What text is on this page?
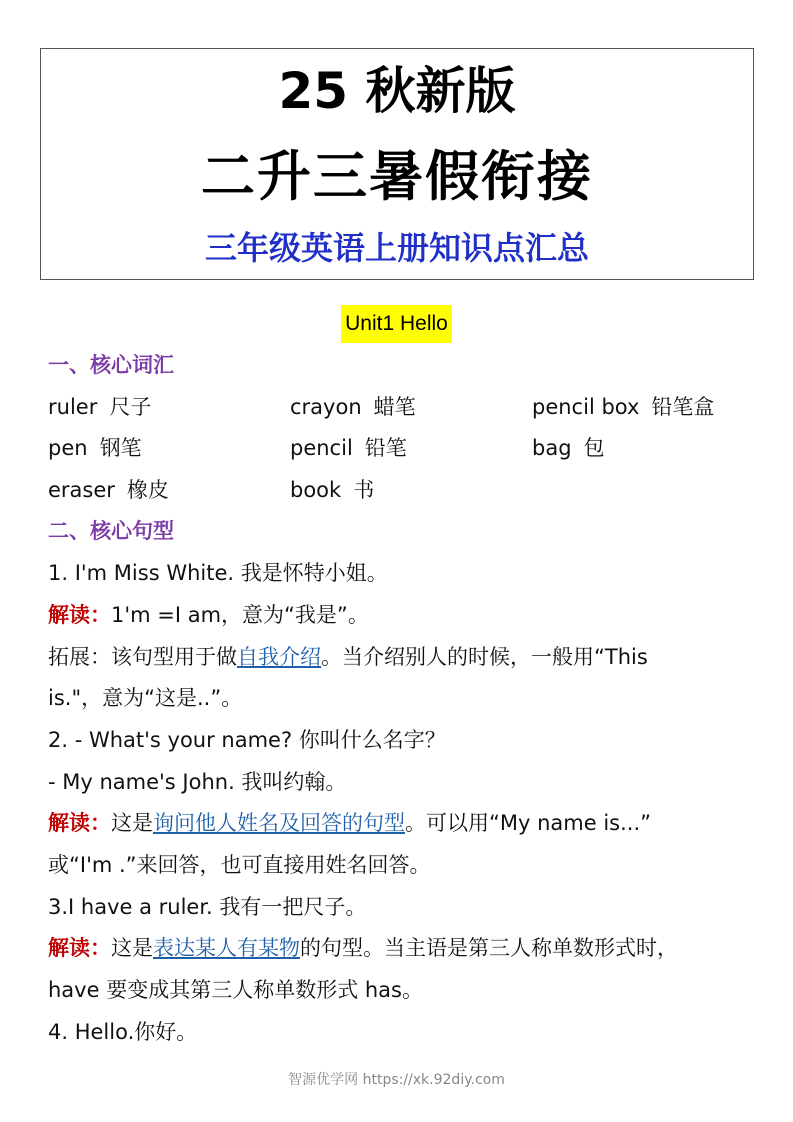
25 秋新版
二升三暑假衔接
三年级英语上册知识点汇总
Unit1 Hello
一、核心词汇
ruler 尺子	crayon 蜡笔	pencil box 铅笔盒
pen 钢笔	pencil 铅笔	bag 包
eraser 橡皮	book 书
二、核心句型
1. I'm Miss White. 我是怀特小姐。
解读：1'm =I am，意为“我是”。
拓展：该句型用于做自我介绍。当介绍别人的时候，一般用“This
is."，意为“这是..”。
2. - What's your name? 你叫什么名字？
- My name's John. 我叫约翰。
解读：这是询问他人姓名及回答的句型。可以用“My name is...”
或“I'm .”来回答，也可直接用姓名回答。
3.I have a ruler. 我有一把尺子。
解读：这是表达某人有某物的句型。当主语是第三人称单数形式时，
have 要变成其第三人称单数形式 has。
4. Hello.你好。
智源优学网 https://xk.92diy.com
